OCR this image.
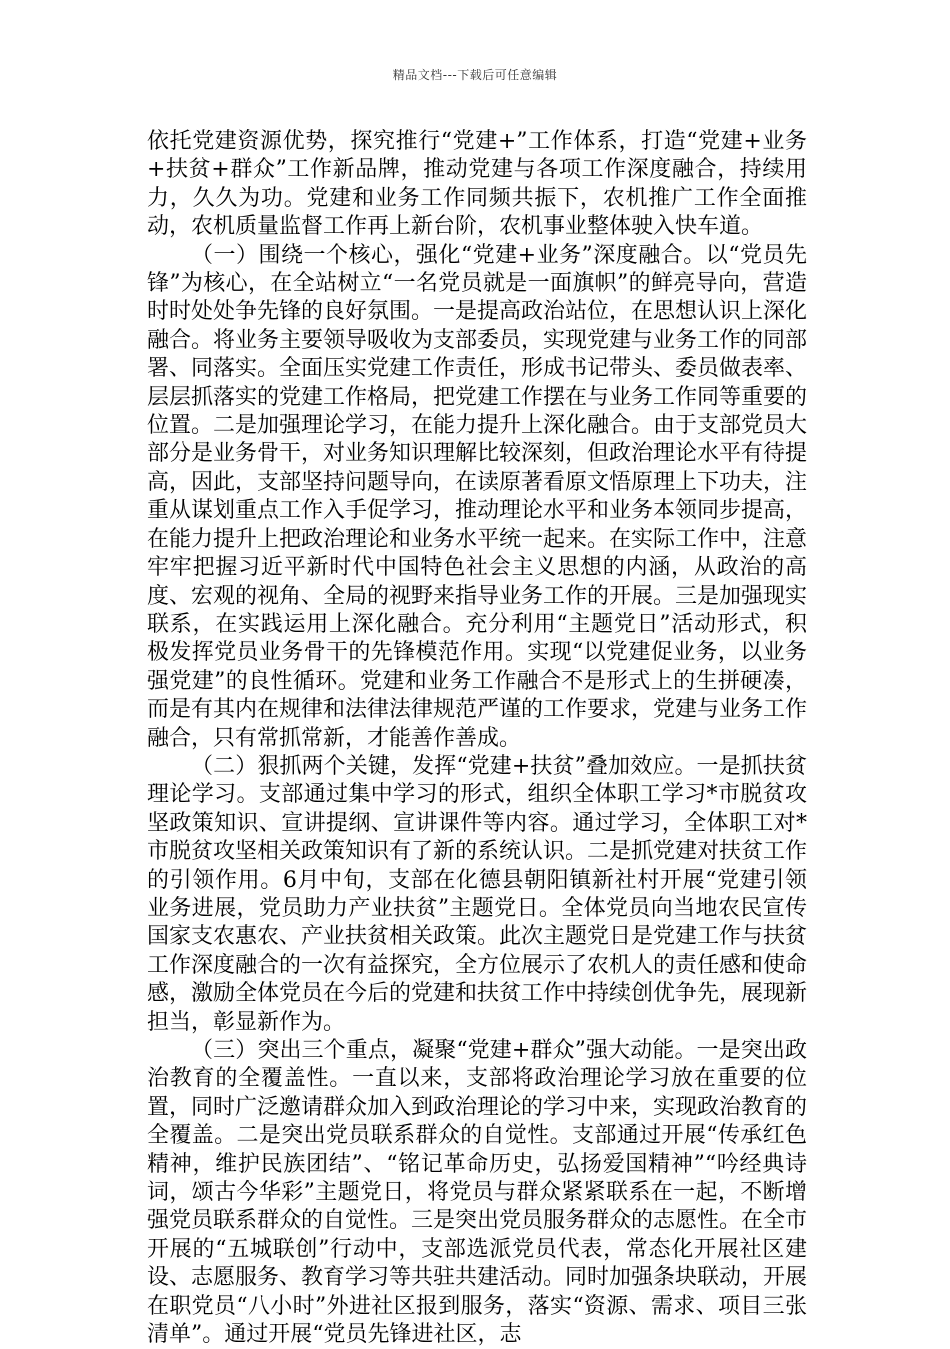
精品文档---下载后可任意编辑

依托党建资源优势，探究推行“党建+”工作体系，打造“党建+业务+扶贫+群众”工作新品牌，推动党建与各项工作深度融合，持续用力，久久为功。党建和业务工作同频共振下，农机推广工作全面推动，农机质量监督工作再上新台阶，农机事业整体驶入快车道。

（一）围绕一个核心，强化“党建+业务”深度融合。以“党员先锋”为核心，在全站树立“一名党员就是一面旗帜”的鲜亮导向，营造时时处处争先锋的良好氛围。一是提高政治站位，在思想认识上深化融合。将业务主要领导吸收为支部委员，实现党建与业务工作的同部署、同落实。全面压实党建工作责任，形成书记带头、委员做表率、层层抓落实的党建工作格局，把党建工作摆在与业务工作同等重要的位置。二是加强理论学习，在能力提升上深化融合。由于支部党员大部分是业务骨干，对业务知识理解比较深刻，但政治理论水平有待提高，因此，支部坚持问题导向，在读原著看原文悟原理上下功夫，注重从谋划重点工作入手促学习，推动理论水平和业务本领同步提高，在能力提升上把政治理论和业务水平统一起来。在实际工作中，注意牢牢把握习近平新时代中国特色社会主义思想的内涵，从政治的高度、宏观的视角、全局的视野来指导业务工作的开展。三是加强现实联系，在实践运用上深化融合。充分利用“主题党日”活动形式，积极发挥党员业务骨干的先锋模范作用。实现“以党建促业务，以业务强党建”的良性循环。党建和业务工作融合不是形式上的生拼硬凑，而是有其内在规律和法律法律规范严谨的工作要求，党建与业务工作融合，只有常抓常新，才能善作善成。

（二）狠抓两个关键，发挥“党建+扶贫”叠加效应。一是抓扶贫理论学习。支部通过集中学习的形式，组织全体职工学习*市脱贫攻坚政策知识、宣讲提纲、宣讲课件等内容。通过学习，全体职工对*市脱贫攻坚相关政策知识有了新的系统认识。二是抓党建对扶贫工作的引领作用。6月中旬，支部在化德县朝阳镇新社村开展“党建引领业务进展，党员助力产业扶贫”主题党日。全体党员向当地农民宣传国家支农惠农、产业扶贫相关政策。此次主题党日是党建工作与扶贫工作深度融合的一次有益探究，全方位展示了农机人的责任感和使命感，激励全体党员在今后的党建和扶贫工作中持续创优争先，展现新担当，彰显新作为。

（三）突出三个重点，凝聚“党建+群众”强大动能。一是突出政治教育的全覆盖性。一直以来，支部将政治理论学习放在重要的位置，同时广泛邀请群众加入到政治理论的学习中来，实现政治教育的全覆盖。二是突出党员联系群众的自觉性。支部通过开展“传承红色精神，维护民族团结”、“铭记革命历史，弘扬爱国精神”“吟经典诗词，颂古今华彩”主题党日，将党员与群众紧紧联系在一起，不断增强党员联系群众的自觉性。三是突出党员服务群众的志愿性。在全市开展的“五城联创”行动中，支部选派党员代表，常态化开展社区建设、志愿服务、教育学习等共驻共建活动。同时加强条块联动，开展在职党员“八小时”外进社区报到服务，落实“资源、需求、项目三张清单”。通过开展“党员先锋进社区，志
